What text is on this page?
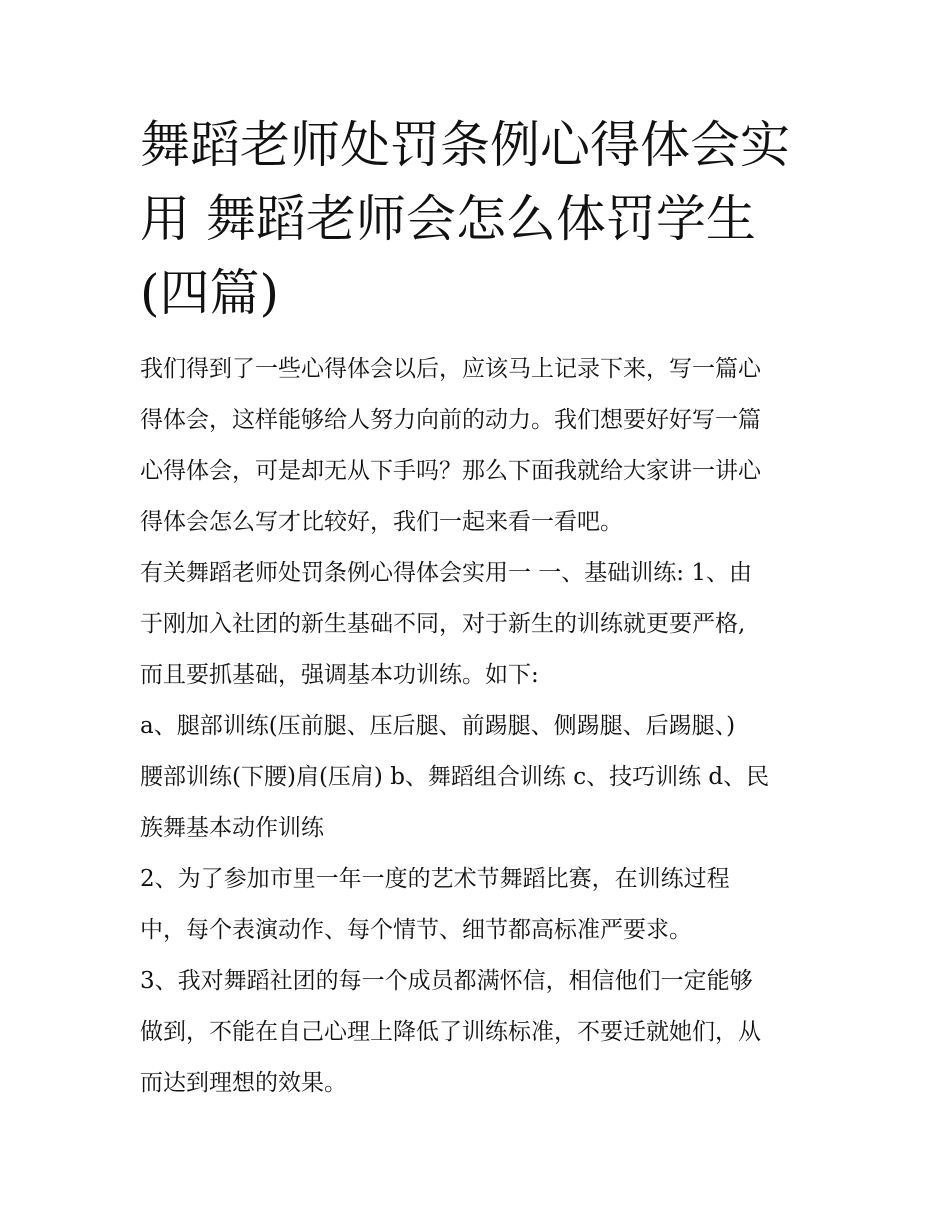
舞蹈老师处罚条例心得体会实
用 舞蹈老师会怎么体罚学生
(四篇)

我们得到了一些心得体会以后，应该马上记录下来，写一篇心
得体会，这样能够给人努力向前的动力。我们想要好好写一篇
心得体会，可是却无从下手吗？那么下面我就给大家讲一讲心
得体会怎么写才比较好，我们一起来看一看吧。

有关舞蹈老师处罚条例心得体会实用一 一、基础训练: 1、由
于刚加入社团的新生基础不同，对于新生的训练就更要严格,
而且要抓基础，强调基本功训练。如下:

a、腿部训练(压前腿、压后腿、前踢腿、侧踢腿、后踢腿、)
腰部训练(下腰)肩(压肩) b、舞蹈组合训练 c、技巧训练 d、民
族舞基本动作训练

2、为了参加市里一年一度的艺术节舞蹈比赛，在训练过程
中，每个表演动作、每个情节、细节都高标准严要求。

3、我对舞蹈社团的每一个成员都满怀信，相信他们一定能够
做到，不能在自己心理上降低了训练标准，不要迁就她们，从
而达到理想的效果。
